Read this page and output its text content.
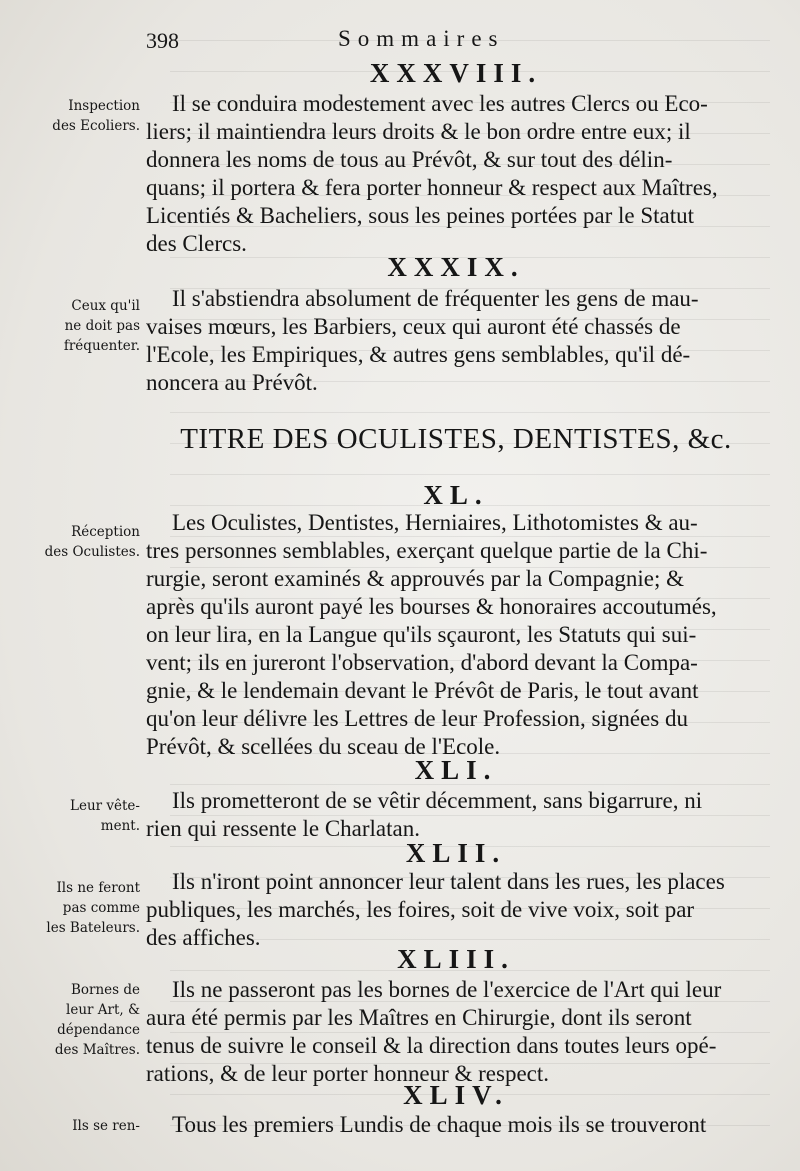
398	Sommaires
XXXVIII.
Inspection
des Ecoliers.
Il se conduira modestement avec les autres Clercs ou Eco-
liers; il maintiendra leurs droits & le bon ordre entre eux; il
donnera les noms de tous au Prévôt, & sur tout des délin-
quans; il portera & fera porter honneur & respect aux Maîtres,
Licentiés & Bacheliers, sous les peines portées par le Statut
des Clercs.
XXXIX.
Ceux qu'il
ne doit pas
fréquenter.
Il s'abstiendra absolument de fréquenter les gens de mau-
vaises mœurs, les Barbiers, ceux qui auront été chassés de
l'Ecole, les Empiriques, & autres gens semblables, qu'il dé-
noncera au Prévôt.
TITRE DES OCULISTES, DENTISTES, &c.
XL.
Réception
des Oculistes.
Les Oculistes, Dentistes, Herniaires, Lithotomistes & au-
tres personnes semblables, exerçant quelque partie de la Chi-
rurgie, seront examinés & approuvés par la Compagnie; &
après qu'ils auront payé les bourses & honoraires accoutumés,
on leur lira, en la Langue qu'ils sçauront, les Statuts qui sui-
vent; ils en jureront l'observation, d'abord devant la Compa-
gnie, & le lendemain devant le Prévôt de Paris, le tout avant
qu'on leur délivre les Lettres de leur Profession, signées du
Prévôt, & scellées du sceau de l'Ecole.
XLI.
Leur vête-
ment.
Ils prometteront de se vêtir décemment, sans bigarrure, ni
rien qui ressente le Charlatan.
XLII.
Ils ne feront
pas comme
les Bateleurs.
Ils n'iront point annoncer leur talent dans les rues, les places
publiques, les marchés, les foires, soit de vive voix, soit par
des affiches.
XLIII.
Bornes de
leur Art, &
dépendance
des Maîtres.
Ils ne passeront pas les bornes de l'exercice de l'Art qui leur
aura été permis par les Maîtres en Chirurgie, dont ils seront
tenus de suivre le conseil & la direction dans toutes leurs opé-
rations, & de leur porter honneur & respect.
XLIV.
Ils se ren- Tous les premiers Lundis de chaque mois ils se trouveront
